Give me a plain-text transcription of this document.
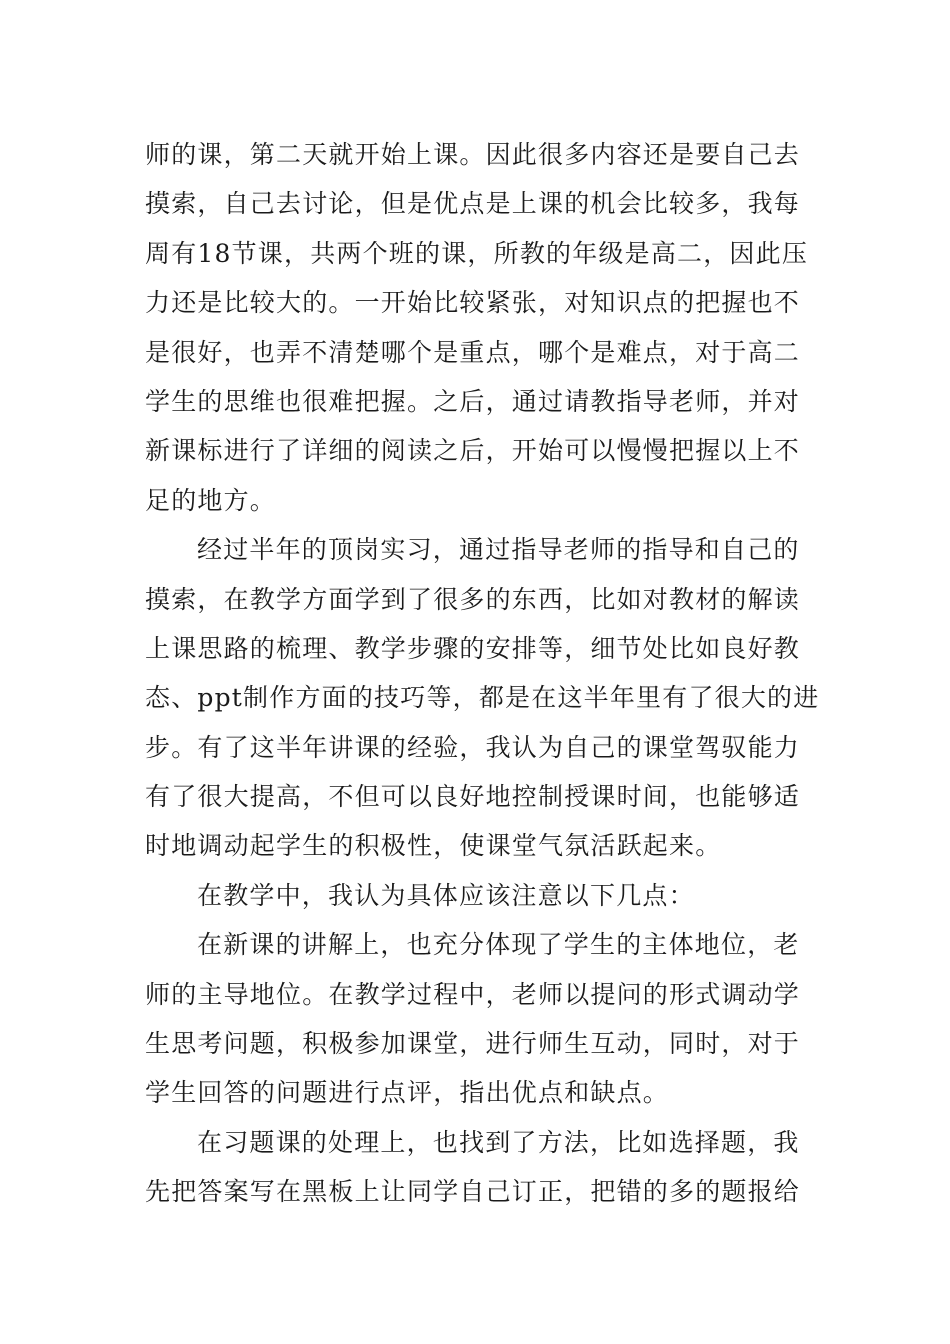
师的课，第二天就开始上课。因此很多内容还是要自己去
摸索，自己去讨论，但是优点是上课的机会比较多，我每
周有18节课，共两个班的课，所教的年级是高二，因此压
力还是比较大的。一开始比较紧张，对知识点的把握也不
是很好，也弄不清楚哪个是重点，哪个是难点，对于高二
学生的思维也很难把握。之后，通过请教指导老师，并对
新课标进行了详细的阅读之后，开始可以慢慢把握以上不
足的地方。
经过半年的顶岗实习，通过指导老师的指导和自己的
摸索，在教学方面学到了很多的东西，比如对教材的解读
上课思路的梳理、教学步骤的安排等，细节处比如良好教
态、ppt制作方面的技巧等，都是在这半年里有了很大的进
步。有了这半年讲课的经验，我认为自己的课堂驾驭能力
有了很大提高，不但可以良好地控制授课时间，也能够适
时地调动起学生的积极性，使课堂气氛活跃起来。
在教学中，我认为具体应该注意以下几点：
在新课的讲解上，也充分体现了学生的主体地位，老
师的主导地位。在教学过程中，老师以提问的形式调动学
生思考问题，积极参加课堂，进行师生互动，同时，对于
学生回答的问题进行点评，指出优点和缺点。
在习题课的处理上，也找到了方法，比如选择题，我
先把答案写在黑板上让同学自己订正，把错的多的题报给
